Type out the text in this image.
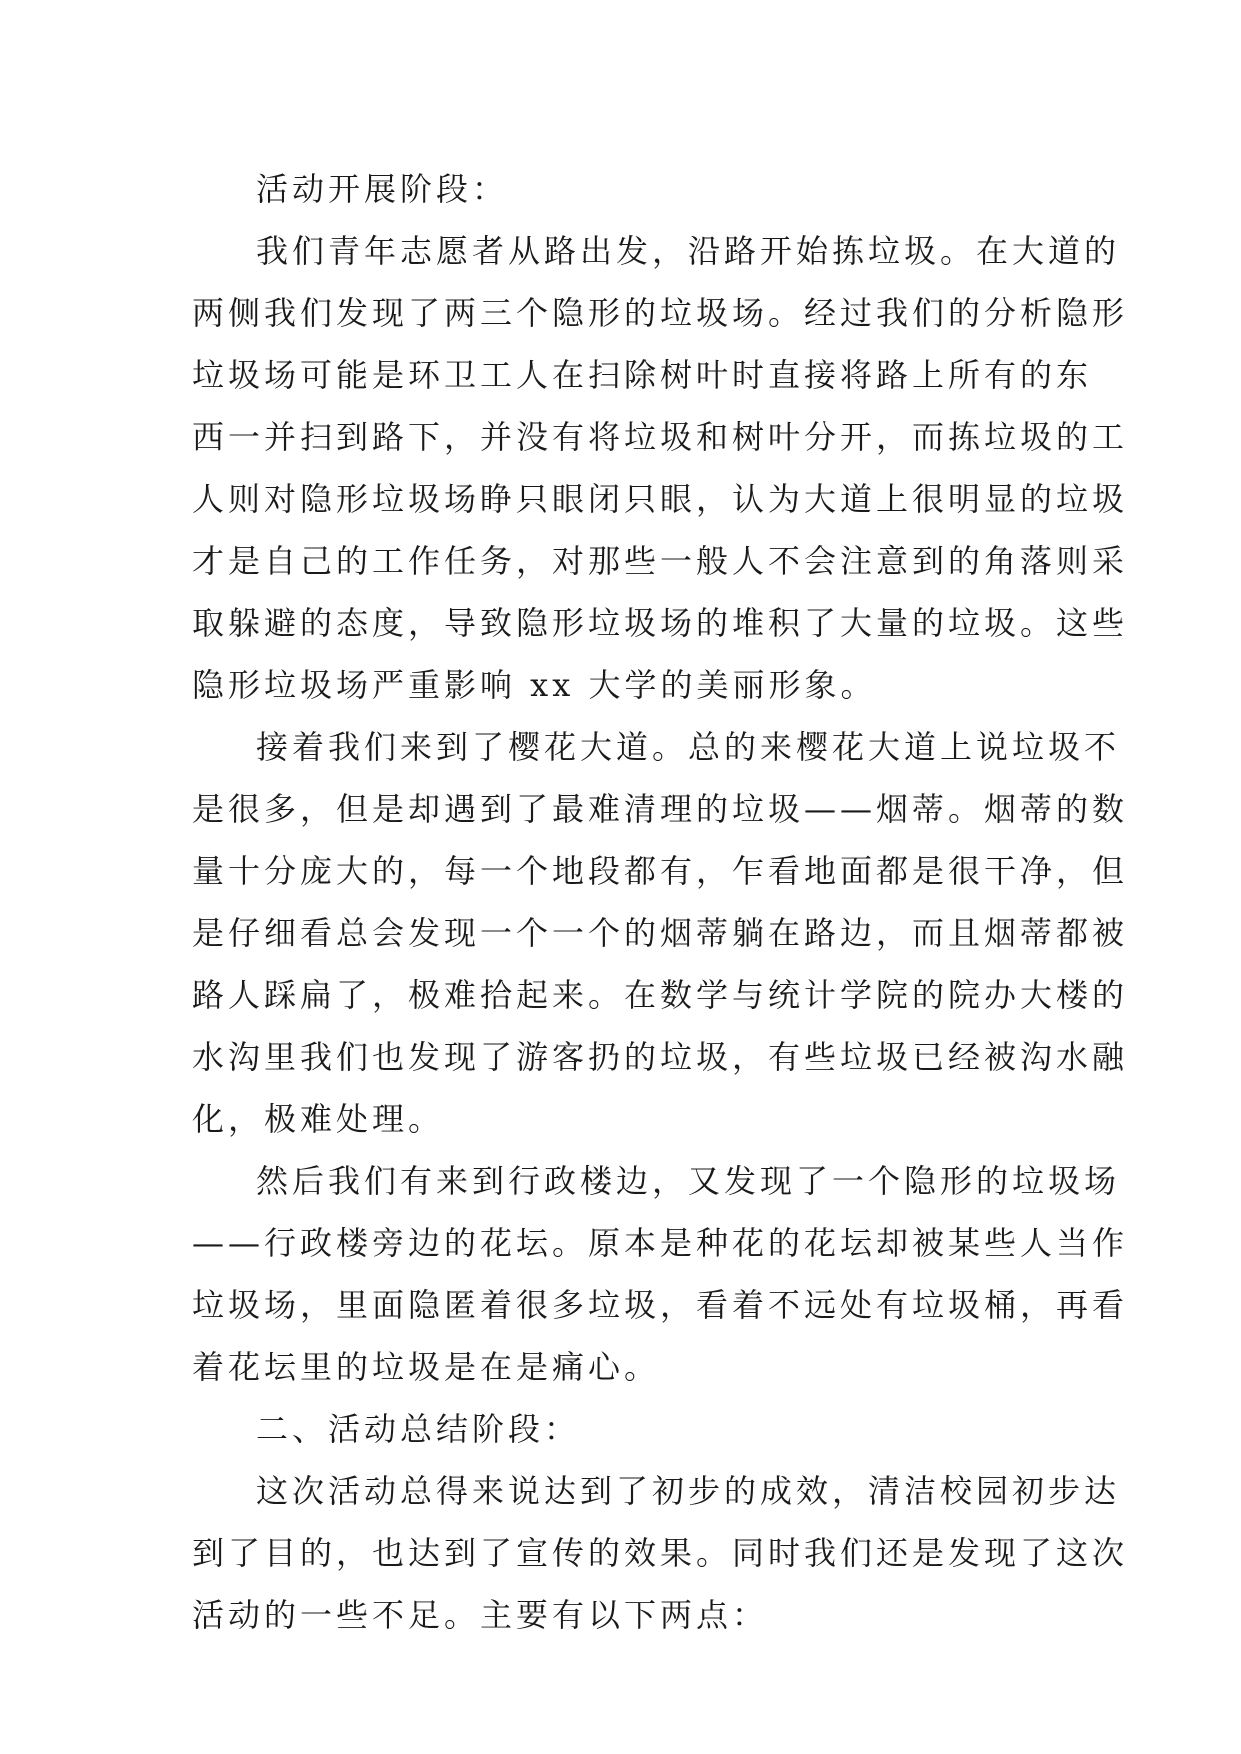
活动开展阶段：
我们青年志愿者从路出发，沿路开始拣垃圾。在大道的
两侧我们发现了两三个隐形的垃圾场。经过我们的分析隐形
垃圾场可能是环卫工人在扫除树叶时直接将路上所有的东
西一并扫到路下，并没有将垃圾和树叶分开，而拣垃圾的工
人则对隐形垃圾场睁只眼闭只眼，认为大道上很明显的垃圾
才是自己的工作任务，对那些一般人不会注意到的角落则采
取躲避的态度，导致隐形垃圾场的堆积了大量的垃圾。这些
隐形垃圾场严重影响 xx 大学的美丽形象。
接着我们来到了樱花大道。总的来樱花大道上说垃圾不
是很多，但是却遇到了最难清理的垃圾——烟蒂。烟蒂的数
量十分庞大的，每一个地段都有，乍看地面都是很干净，但
是仔细看总会发现一个一个的烟蒂躺在路边，而且烟蒂都被
路人踩扁了，极难拾起来。在数学与统计学院的院办大楼的
水沟里我们也发现了游客扔的垃圾，有些垃圾已经被沟水融
化，极难处理。
然后我们有来到行政楼边，又发现了一个隐形的垃圾场
——行政楼旁边的花坛。原本是种花的花坛却被某些人当作
垃圾场，里面隐匿着很多垃圾，看着不远处有垃圾桶，再看
着花坛里的垃圾是在是痛心。
二、活动总结阶段：
这次活动总得来说达到了初步的成效，清洁校园初步达
到了目的，也达到了宣传的效果。同时我们还是发现了这次
活动的一些不足。主要有以下两点：
